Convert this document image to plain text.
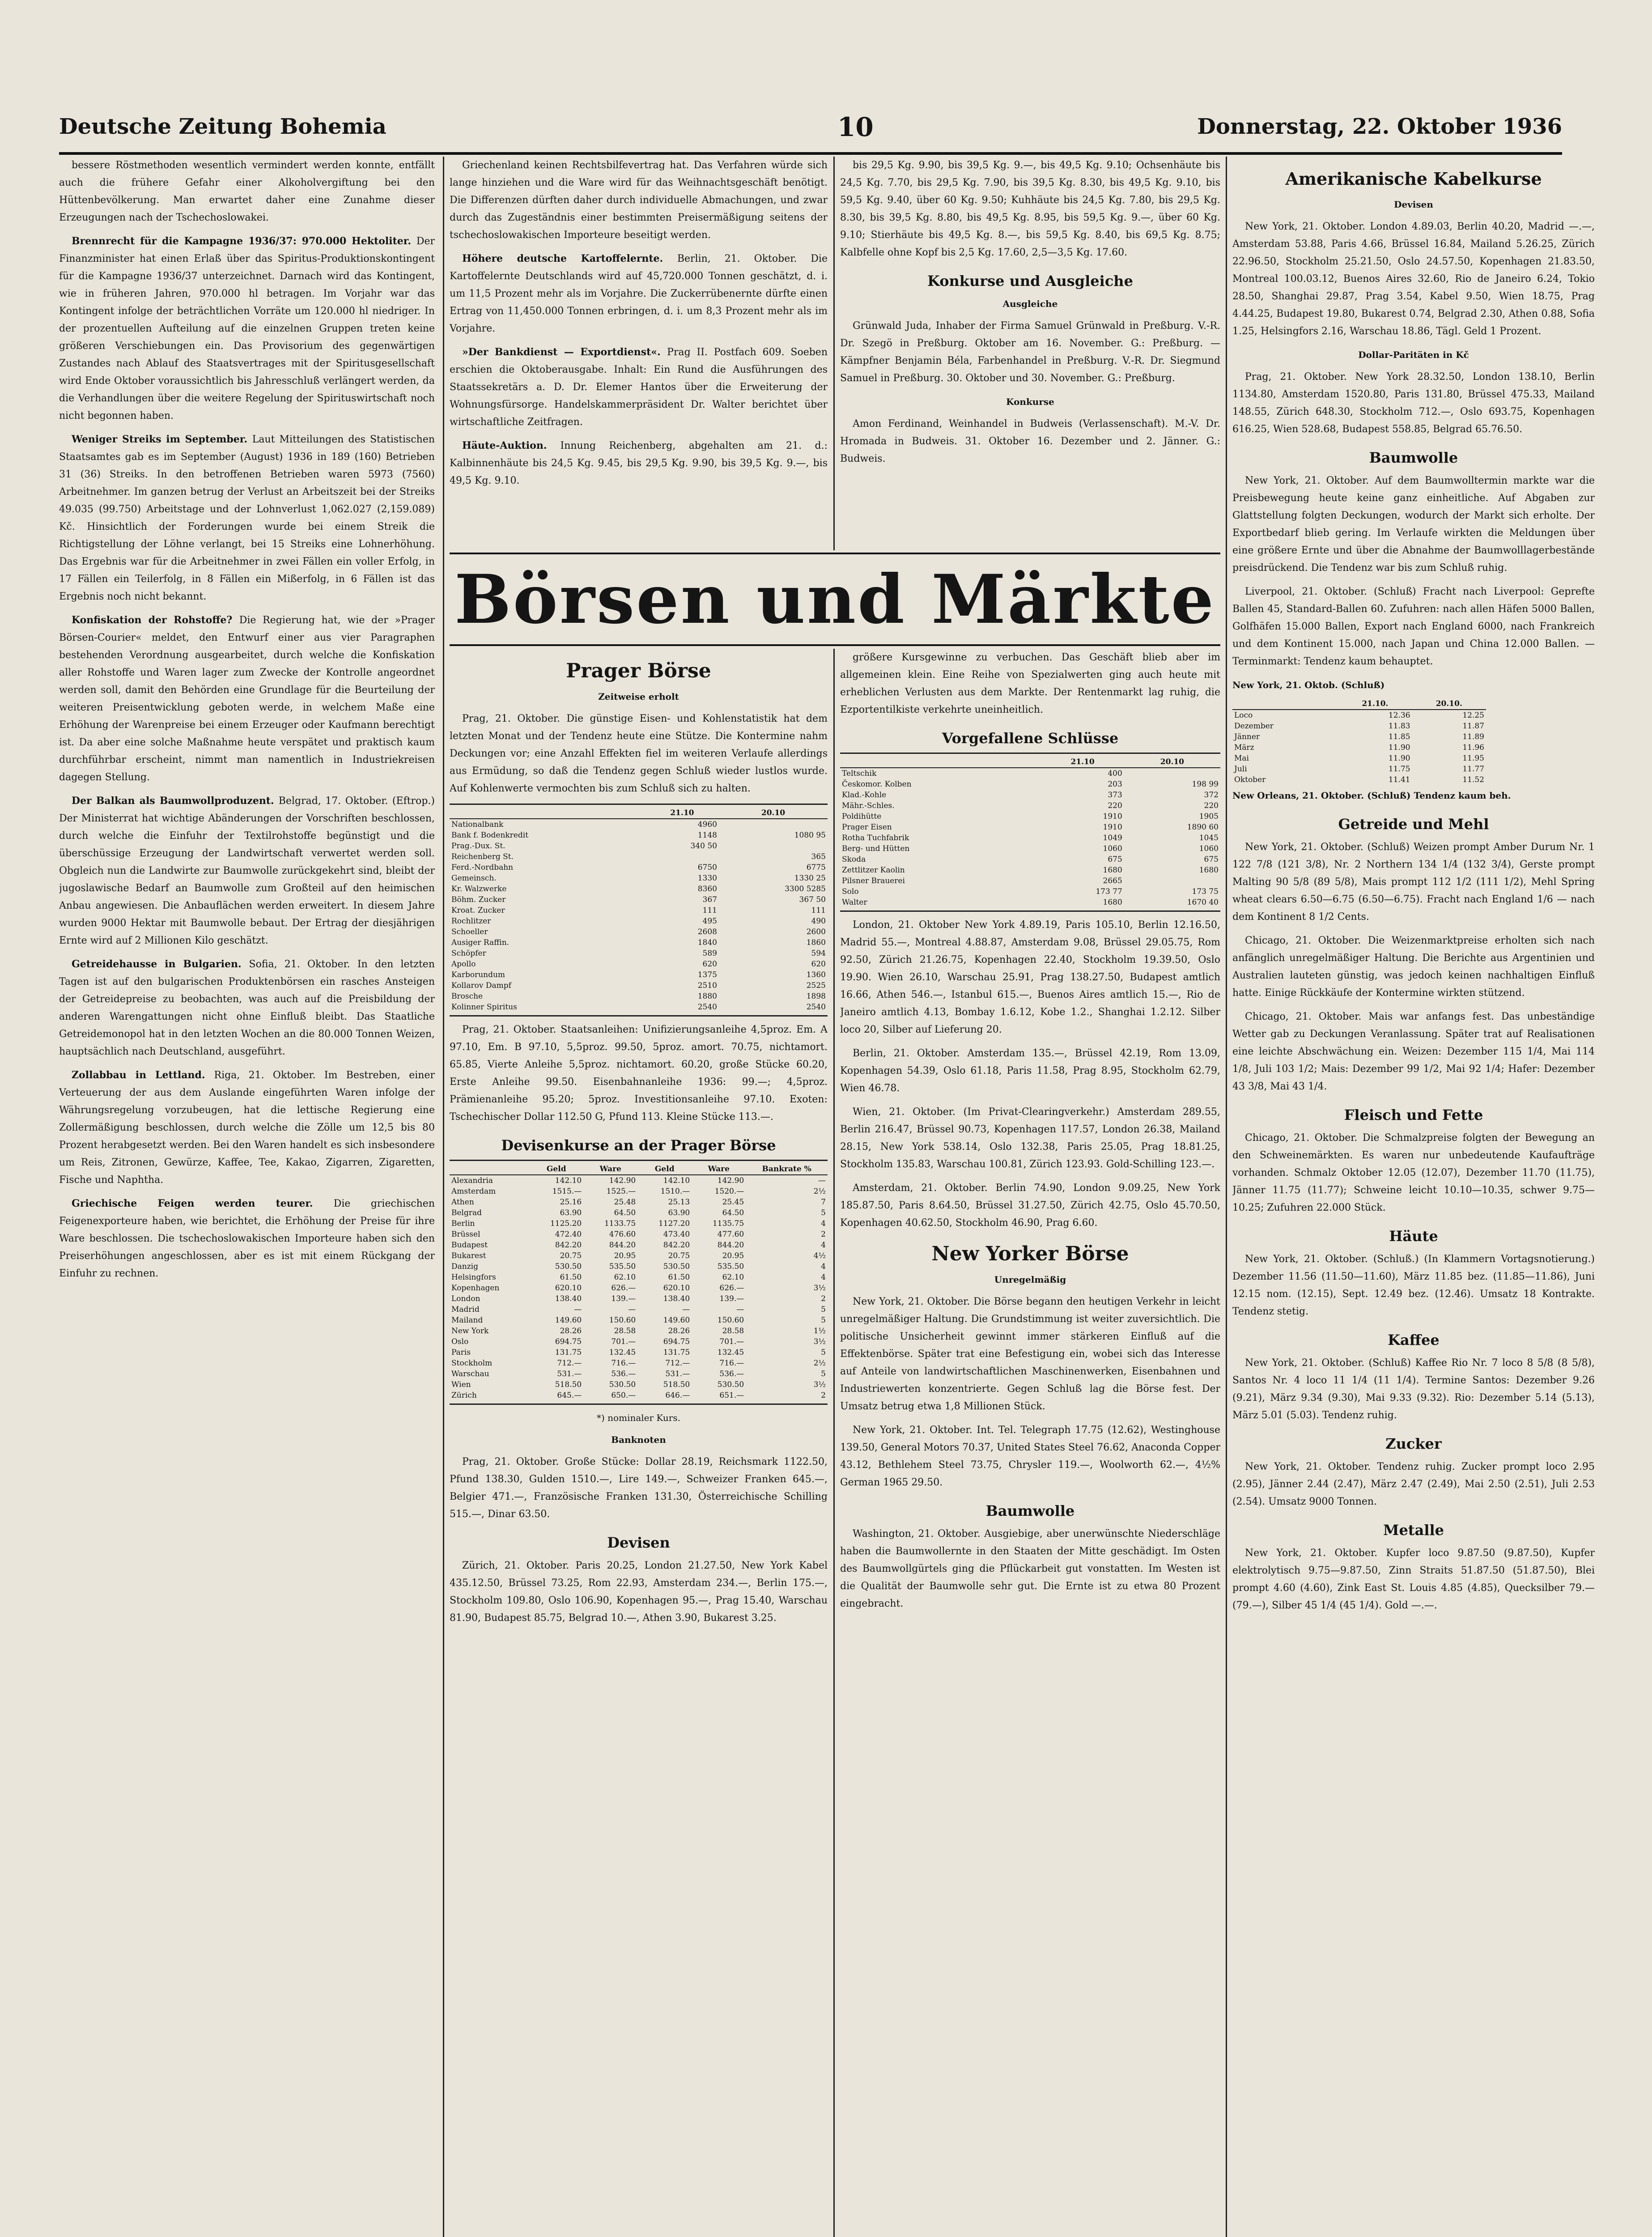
Deutsche Zeitung Bohemia	10	Donnerstag, 22. Oktober 1936

bessere Röstmethoden wesentlich vermindert werden konnte, entfällt auch die frühere Gefahr einer Alkoholvergiftung bei den Hüttenbevölkerung. Man erwartet daher eine Zunahme dieser Erzeugungen nach der Tschechoslowakei.

Brennrecht für die Kampagne 1936/37: 970.000 Hektoliter. Der Finanzminister hat einen Erlaß über das Spiritus-Produktionskontingent für die Kampagne 1936/37 unterzeichnet. Darnach wird das Kontingent, wie in früheren Jahren, 970.000 hl betragen. Im Vorjahr war das Kontingent infolge der beträchtlichen Vorräte um 120.000 hl niedriger. In der prozentuellen Aufteilung auf die einzelnen Gruppen treten keine größeren Verschiebungen ein. Das Provisorium des gegenwärtigen Zustandes nach Ablauf des Staatsvertrages mit der Spiritusgesellschaft wird Ende Oktober voraussichtlich bis Jahresschluß verlängert werden, da die Verhandlungen über die weitere Regelung der Spirituswirtschaft noch nicht begonnen haben.

Weniger Streiks im September. Laut Mitteilungen des Statistischen Staatsamtes gab es im September (August) 1936 in 189 (160) Betrieben 31 (36) Streiks. In den betroffenen Betrieben waren 5973 (7560) Arbeitnehmer. Im ganzen betrug der Verlust an Arbeitszeit bei der Streiks 49.035 (99.750) Arbeitstage und der Lohnverlust 1,062.027 (2,159.089) Kč. Hinsichtlich der Forderungen wurde bei einem Streik die Richtigstellung der Löhne verlangt, bei 15 Streiks eine Lohnerhöhung. Das Ergebnis war für die Arbeitnehmer in zwei Fällen ein voller Erfolg, in 17 Fällen ein Teilerfolg, in 8 Fällen ein Mißerfolg, in 6 Fällen ist das Ergebnis noch nicht bekannt.

Konfiskation der Rohstoffe? Die Regierung hat, wie der »Prager Börsen-Courier« meldet, den Entwurf einer aus vier Paragraphen bestehenden Verordnung ausgearbeitet, durch welche die Konfiskation aller Rohstoffe und Waren lager zum Zwecke der Kontrolle angeordnet werden soll, damit den Behörden eine Grundlage für die Beurteilung der weiteren Preisentwicklung geboten werde, in welchem Maße eine Erhöhung der Warenpreise bei einem Erzeuger oder Kaufmann berechtigt ist. Da aber eine solche Maßnahme heute verspätet und praktisch kaum durchführbar erscheint, nimmt man namentlich in Industriekreisen dagegen Stellung.

Der Balkan als Baumwollproduzent. Belgrad, 17. Oktober. (Eftrop.) Der Ministerrat hat wichtige Abänderungen der Vorschriften beschlossen, durch welche die Einfuhr der Textilrohstoffe begünstigt und die überschüssige Erzeugung der Landwirtschaft verwertet werden soll. Obgleich nun die Landwirte zur Baumwolle zurückgekehrt sind, bleibt der jugoslawische Bedarf an Baumwolle zum Großteil auf den heimischen Anbau angewiesen. Die Anbauflächen werden erweitert. In diesem Jahre wurden 9000 Hektar mit Baumwolle bebaut. Der Ertrag der diesjährigen Ernte wird auf 2 Millionen Kilo geschätzt.

Getreidehausse in Bulgarien. Sofia, 21. Oktober. In den letzten Tagen ist auf den bulgarischen Produktenbörsen ein rasches Ansteigen der Getreidepreise zu beobachten, was auch auf die Preisbildung der anderen Warengattungen nicht ohne Einfluß bleibt. Das Staatliche Getreidemonopol hat in den letzten Wochen an die 80.000 Tonnen Weizen, hauptsächlich nach Deutschland, ausgeführt.

Zollabbau in Lettland. Riga, 21. Oktober. Im Bestreben, einer Verteuerung der aus dem Auslande eingeführten Waren infolge der Währungsregelung vorzubeugen, hat die lettische Regierung eine Zollermäßigung beschlossen, durch welche die Zölle um 12,5 bis 80 Prozent herabgesetzt werden. Bei den Waren handelt es sich insbesondere um Reis, Zitronen, Gewürze, Kaffee, Tee, Kakao, Zigarren, Zigaretten, Fische und Naphtha.

Griechische Feigen werden teurer. Die griechischen Feigenexporteure haben, wie berichtet, die Erhöhung der Preise für ihre Ware beschlossen. Die tschechoslowakischen Importeure haben sich den Preiserhöhungen angeschlossen, aber es ist mit einem Rückgang der Einfuhr zu rechnen.

Griechenland keinen Rechtsbilfevertrag hat. Das Verfahren würde sich lange hinziehen und die Ware wird für das Weihnachtsgeschäft benötigt. Die Differenzen dürften daher durch individuelle Abmachungen, und zwar durch das Zugeständnis einer bestimmten Preisermäßigung seitens der tschechoslowakischen Importeure beseitigt werden.

Höhere deutsche Kartoffelernte. Berlin, 21. Oktober. Die Kartoffelernte Deutschlands wird auf 45,720.000 Tonnen geschätzt, d. i. um 11,5 Prozent mehr als im Vorjahre. Die Zuckerrübenernte dürfte einen Ertrag von 11,450.000 Tonnen erbringen, d. i. um 8,3 Prozent mehr als im Vorjahre.

»Der Bankdienst — Exportdienst«. Prag II. Postfach 609. Soeben erschien die Oktoberausgabe. Inhalt: Ein Rund die Ausführungen des Staatssekretärs a. D. Dr. Elemer Hantos über die Erweiterung der Wohnungsfürsorge. Handelskammerpräsident Dr. Walter berichtet über wirtschaftliche Zeitfragen.

Häute-Auktion. Innung Reichenberg, abgehalten am 21. d.: Kalbinnenhäute bis 24,5 Kg. 9.45, bis 29,5 Kg. 9.90, bis 39,5 Kg. 9.—, bis 49,5 Kg. 9.10.

bis 29,5 Kg. 9.90, bis 39,5 Kg. 9.—, bis 49,5 Kg. 9.10; Ochsenhäute bis 24,5 Kg. 7.70, bis 29,5 Kg. 7.90, bis 39,5 Kg. 8.30, bis 49,5 Kg. 9.10, bis 59,5 Kg. 9.40, über 60 Kg. 9.50; Kuhhäute bis 24,5 Kg. 7.80, bis 29,5 Kg. 8.30, bis 39,5 Kg. 8.80, bis 49,5 Kg. 8.95, bis 59,5 Kg. 9.—, über 60 Kg. 9.10; Stierhäute bis 49,5 Kg. 8.—, bis 59,5 Kg. 8.40, bis 69,5 Kg. 8.75; Kalbfelle ohne Kopf bis 2,5 Kg. 17.60, 2,5—3,5 Kg. 17.60.

Konkurse und Ausgleiche
Ausgleiche

Grünwald Juda, Inhaber der Firma Samuel Grünwald in Preßburg. V.-R. Dr. Szegö in Preßburg. Oktober am 16. November. G.: Preßburg. — Kämpfner Benjamin Béla, Farbenhandel in Preßburg. V.-R. Dr. Siegmund Samuel in Preßburg. 30. Oktober und 30. November. G.: Preßburg.

Konkurse

Amon Ferdinand, Weinhandel in Budweis (Verlassenschaft). M.-V. Dr. Hromada in Budweis. 31. Oktober 16. Dezember und 2. Jänner. G.: Budweis.

Börsen und Märkte
Prager Börse
Zeitweise erholt

Prag, 21. Oktober. Die günstige Eisen- und Kohlenstatistik hat dem letzten Monat und der Tendenz heute eine Stütze. Die Kontermine nahm Deckungen vor; eine Anzahl Effekten fiel im weiteren Verlaufe allerdings aus Ermüdung, so daß die Tendenz gegen Schluß wieder lustlos wurde. Auf Kohlenwerte vermochten bis zum Schluß sich zu halten.

	21.10	20.10
Nationalbank	4960	
Bank f. Bodenkredit	1148	1080 95
Prag.-Dux. St.	340 50	
Reichenberg St.		365
Ferd.-Nordbahn	6750	6775
Gemeinsch.	1330	1330 25
Kr. Walzwerke	8360	3300 5285
Böhm. Zucker	367	367 50
Kroat. Zucker	111	111
Rochlitzer	495	490
Schoeller	2608	2600
Ausiger Raffin.	1840	1860
Schöpfer	589	594
Apollo	620	620
Karborundum	1375	1360
Kollarov Dampf	2510	2525
Brosche	1880	1898
Kolinner Spiritus	2540	2540

Prag, 21. Oktober. Staatsanleihen: Unifizierungsanleihe 4,5proz. Em. A 97.10, Em. B 97.10, 5,5proz. 99.50, 5proz. amort. 70.75, nichtamort. 65.85, Vierte Anleihe 5,5proz. nichtamort. 60.20, große Stücke 60.20, Erste Anleihe 99.50. Eisenbahnanleihe 1936: 99.—; 4,5proz. Prämienanleihe 95.20; 5proz. Investitionsanleihe 97.10. Exoten: Tschechischer Dollar 112.50 G, Pfund 113. Kleine Stücke 113.—.

Devisenkurse an der Prager Börse
	Geld	Ware	Geld	Ware	Bankrate %
Alexandria	142.10	142.90	142.10	142.90	—
Amsterdam	1515.—	1525.—	1510.—	1520.—	2½
Athen	25.16	25.48	25.13	25.45	7
Belgrad	63.90	64.50	63.90	64.50	5
Berlin	1125.20	1133.75	1127.20	1135.75	4
Brüssel	472.40	476.60	473.40	477.60	2
Budapest	842.20	844.20	842.20	844.20	4
Bukarest	20.75	20.95	20.75	20.95	4½
Danzig	530.50	535.50	530.50	535.50	4
Helsingfors	61.50	62.10	61.50	62.10	4
Kopenhagen	620.10	626.—	620.10	626.—	3½
London	138.40	139.—	138.40	139.—	2
Madrid	—	—	—	—	5
Mailand	149.60	150.60	149.60	150.60	5
New York	28.26	28.58	28.26	28.58	1½
Oslo	694.75	701.—	694.75	701.—	3½
Paris	131.75	132.45	131.75	132.45	5
Stockholm	712.—	716.—	712.—	716.—	2½
Warschau	531.—	536.—	531.—	536.—	5
Wien	518.50	530.50	518.50	530.50	3½
Zürich	645.—	650.—	646.—	651.—	2
*) nominaler Kurs.
Banknoten

Prag, 21. Oktober. Große Stücke: Dollar 28.19, Reichsmark 1122.50, Pfund 138.30, Gulden 1510.—, Lire 149.—, Schweizer Franken 645.—, Belgier 471.—, Französische Franken 131.30, Österreichische Schilling 515.—, Dinar 63.50.

Devisen

Zürich, 21. Oktober. Paris 20.25, London 21.27.50, New York Kabel 435.12.50, Brüssel 73.25, Rom 22.93, Amsterdam 234.—, Berlin 175.—, Stockholm 109.80, Oslo 106.90, Kopenhagen 95.—, Prag 15.40, Warschau 81.90, Budapest 85.75, Belgrad 10.—, Athen 3.90, Bukarest 3.25.

größere Kursgewinne zu verbuchen. Das Geschäft blieb aber im allgemeinen klein. Eine Reihe von Spezialwerten ging auch heute mit erheblichen Verlusten aus dem Markte. Der Rentenmarkt lag ruhig, die Ezportentilkiste verkehrte uneinheitlich.

Vorgefallene Schlüsse
	21.10	20.10
Teltschik	400	
Českomor. Kolben	203	198 99
Klad.-Kohle	373	372
Mähr.-Schles.	220	220
Poldihütte	1910	1905
Prager Eisen	1910	1890 60
Rotha Tuchfabrik	1049	1045
Berg- und Hütten	1060	1060
Skoda	675	675
Zettlitzer Kaolin	1680	1680
Pilsner Brauerei	2665	
Solo	173 77	173 75
Walter	1680	1670 40

London, 21. Oktober New York 4.89.19, Paris 105.10, Berlin 12.16.50, Madrid 55.—, Montreal 4.88.87, Amsterdam 9.08, Brüssel 29.05.75, Rom 92.50, Zürich 21.26.75, Kopenhagen 22.40, Stockholm 19.39.50, Oslo 19.90. Wien 26.10, Warschau 25.91, Prag 138.27.50, Budapest amtlich 16.66, Athen 546.—, Istanbul 615.—, Buenos Aires amtlich 15.—, Rio de Janeiro amtlich 4.13, Bombay 1.6.12, Kobe 1.2., Shanghai 1.2.12. Silber loco 20, Silber auf Lieferung 20.

Berlin, 21. Oktober. Amsterdam 135.—, Brüssel 42.19, Rom 13.09, Kopenhagen 54.39, Oslo 61.18, Paris 11.58, Prag 8.95, Stockholm 62.79, Wien 46.78.

Wien, 21. Oktober. (Im Privat-Clearingverkehr.) Amsterdam 289.55, Berlin 216.47, Brüssel 90.73, Kopenhagen 117.57, London 26.38, Mailand 28.15, New York 538.14, Oslo 132.38, Paris 25.05, Prag 18.81.25, Stockholm 135.83, Warschau 100.81, Zürich 123.93. Gold-Schilling 123.—.

Amsterdam, 21. Oktober. Berlin 74.90, London 9.09.25, New York 185.87.50, Paris 8.64.50, Brüssel 31.27.50, Zürich 42.75, Oslo 45.70.50, Kopenhagen 40.62.50, Stockholm 46.90, Prag 6.60.

New Yorker Börse
Unregelmäßig

New York, 21. Oktober. Die Börse begann den heutigen Verkehr in leicht unregelmäßiger Haltung. Die Grundstimmung ist weiter zuversichtlich. Die politische Unsicherheit gewinnt immer stärkeren Einfluß auf die Effektenbörse. Später trat eine Befestigung ein, wobei sich das Interesse auf Anteile von landwirtschaftlichen Maschinenwerken, Eisenbahnen und Industriewerten konzentrierte. Gegen Schluß lag die Börse fest. Der Umsatz betrug etwa 1,8 Millionen Stück.

New York, 21. Oktober. Int. Tel. Telegraph 17.75 (12.62), Westinghouse 139.50, General Motors 70.37, United States Steel 76.62, Anaconda Copper 43.12, Bethlehem Steel 73.75, Chrysler 119.—, Woolworth 62.—, 4½% German 1965 29.50.

Baumwolle

Washington, 21. Oktober. Ausgiebige, aber unerwünschte Niederschläge haben die Baumwollernte in den Staaten der Mitte geschädigt. Im Osten des Baumwollgürtels ging die Pflückarbeit gut vonstatten. Im Westen ist die Qualität der Baumwolle sehr gut. Die Ernte ist zu etwa 80 Prozent eingebracht.

Amerikanische Kabelkurse
Devisen

New York, 21. Oktober. London 4.89.03, Berlin 40.20, Madrid —.—, Amsterdam 53.88, Paris 4.66, Brüssel 16.84, Mailand 5.26.25, Zürich 22.96.50, Stockholm 25.21.50, Oslo 24.57.50, Kopenhagen 21.83.50, Montreal 100.03.12, Buenos Aires 32.60, Rio de Janeiro 6.24, Tokio 28.50, Shanghai 29.87, Prag 3.54, Kabel 9.50, Wien 18.75, Prag 4.44.25, Budapest 19.80, Bukarest 0.74, Belgrad 2.30, Athen 0.88, Sofia 1.25, Helsingfors 2.16, Warschau 18.86, Tägl. Geld 1 Prozent.

Dollar-Paritäten in Kč

Prag, 21. Oktober. New York 28.32.50, London 138.10, Berlin 1134.80, Amsterdam 1520.80, Paris 131.80, Brüssel 475.33, Mailand 148.55, Zürich 648.30, Stockholm 712.—, Oslo 693.75, Kopenhagen 616.25, Wien 528.68, Budapest 558.85, Belgrad 65.76.50.

Baumwolle

New York, 21. Oktober. Auf dem Baumwolltermin markte war die Preisbewegung heute keine ganz einheitliche. Auf Abgaben zur Glattstellung folgten Deckungen, wodurch der Markt sich erholte. Der Exportbedarf blieb gering. Im Verlaufe wirkten die Meldungen über eine größere Ernte und über die Abnahme der Baumwolllagerbestände preisdrückend. Die Tendenz war bis zum Schluß ruhig.

Liverpool, 21. Oktober. (Schluß) Fracht nach Liverpool: Geprefte Ballen 45, Standard-Ballen 60. Zufuhren: nach allen Häfen 5000 Ballen, Golfhäfen 15.000 Ballen, Export nach England 6000, nach Frankreich und dem Kontinent 15.000, nach Japan und China 12.000 Ballen. — Terminmarkt: Tendenz kaum behauptet.

New York, 21. Oktob. (Schluß)
	21.10.	20.10.
Loco	12.36	12.25
Dezember	11.83	11.87
Jänner	11.85	11.89
März	11.90	11.96
Mai	11.90	11.95
Juli	11.75	11.77
Oktober	11.41	11.52
New Orleans, 21. Oktober. (Schluß) Tendenz kaum beh.
Getreide und Mehl

New York, 21. Oktober. (Schluß) Weizen prompt Amber Durum Nr. 1 122 7/8 (121 3/8), Nr. 2 Northern 134 1/4 (132 3/4), Gerste prompt Malting 90 5/8 (89 5/8), Mais prompt 112 1/2 (111 1/2), Mehl Spring wheat clears 6.50—6.75 (6.50—6.75). Fracht nach England 1/6 — nach dem Kontinent 8 1/2 Cents.

Chicago, 21. Oktober. Die Weizenmarktpreise erholten sich nach anfänglich unregelmäßiger Haltung. Die Berichte aus Argentinien und Australien lauteten günstig, was jedoch keinen nachhaltigen Einfluß hatte. Einige Rückkäufe der Kontermine wirkten stützend.

Chicago, 21. Oktober. Mais war anfangs fest. Das unbeständige Wetter gab zu Deckungen Veranlassung. Später trat auf Realisationen eine leichte Abschwächung ein. Weizen: Dezember 115 1/4, Mai 114 1/8, Juli 103 1/2; Mais: Dezember 99 1/2, Mai 92 1/4; Hafer: Dezember 43 3/8, Mai 43 1/4.

Fleisch und Fette

Chicago, 21. Oktober. Die Schmalzpreise folgten der Bewegung an den Schweinemärkten. Es waren nur unbedeutende Kaufaufträge vorhanden. Schmalz Oktober 12.05 (12.07), Dezember 11.70 (11.75), Jänner 11.75 (11.77); Schweine leicht 10.10—10.35, schwer 9.75—10.25; Zufuhren 22.000 Stück.

Häute

New York, 21. Oktober. (Schluß.) (In Klammern Vortagsnotierung.) Dezember 11.56 (11.50—11.60), März 11.85 bez. (11.85—11.86), Juni 12.15 nom. (12.15), Sept. 12.49 bez. (12.46). Umsatz 18 Kontrakte. Tendenz stetig.

Kaffee

New York, 21. Oktober. (Schluß) Kaffee Rio Nr. 7 loco 8 5/8 (8 5/8), Santos Nr. 4 loco 11 1/4 (11 1/4). Termine Santos: Dezember 9.26 (9.21), März 9.34 (9.30), Mai 9.33 (9.32). Rio: Dezember 5.14 (5.13), März 5.01 (5.03). Tendenz ruhig.

Zucker

New York, 21. Oktober. Tendenz ruhig. Zucker prompt loco 2.95 (2.95), Jänner 2.44 (2.47), März 2.47 (2.49), Mai 2.50 (2.51), Juli 2.53 (2.54). Umsatz 9000 Tonnen.

Metalle

New York, 21. Oktober. Kupfer loco 9.87.50 (9.87.50), Kupfer elektrolytisch 9.75—9.87.50, Zinn Straits 51.87.50 (51.87.50), Blei prompt 4.60 (4.60), Zink East St. Louis 4.85 (4.85), Quecksilber 79.— (79.—), Silber 45 1/4 (45 1/4). Gold —.—.
